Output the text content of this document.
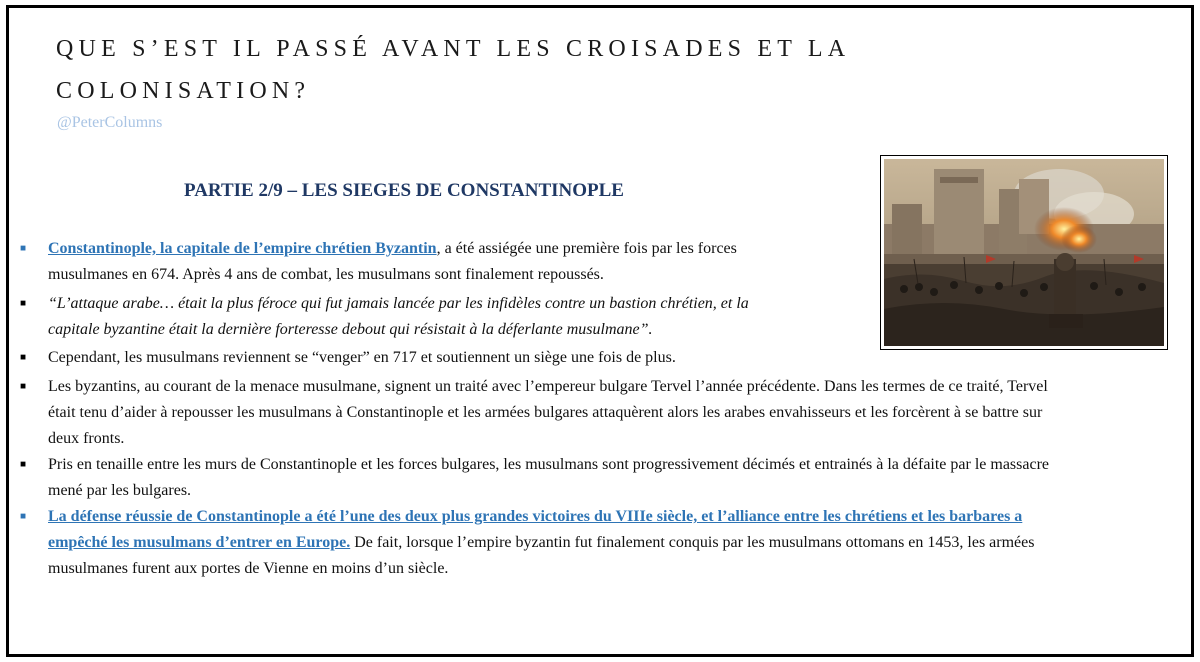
QUE S’EST IL PASSÉ AVANT LES CROISADES ET LA
COLONISATION?
@PeterColumns
PARTIE 2/9 – LES SIEGES DE CONSTANTINOPLE
■ Constantinople, la capitale de l’empire chrétien Byzantin, a été assiégée une première fois par les forces
musulmanes en 674. Après 4 ans de combat, les musulmans sont finalement repoussés.
■ “L’attaque arabe… était la plus féroce qui fut jamais lancée par les infidèles contre un bastion chrétien, et la
capitale byzantine était la dernière forteresse debout qui résistait à la déferlante musulmane”.
■ Cependant, les musulmans reviennent se “venger” en 717 et soutiennent un siège une fois de plus.
■ Les byzantins, au courant de la menace musulmane, signent un traité avec l’empereur bulgare Tervel l’année précédente. Dans les termes de ce traité, Tervel
était tenu d’aider à repousser les musulmans à Constantinople et les armées bulgares attaquèrent alors les arabes envahisseurs et les forcèrent à se battre sur
deux fronts.
■ Pris en tenaille entre les murs de Constantinople et les forces bulgares, les musulmans sont progressivement décimés et entrainés à la défaite par le massacre
mené par les bulgares.
■ La défense réussie de Constantinople a été l’une des deux plus grandes victoires du VIIIe siècle, et l’alliance entre les chrétiens et les barbares a
empêché les musulmans d’entrer en Europe. De fait, lorsque l’empire byzantin fut finalement conquis par les musulmans ottomans en 1453, les armées
musulmanes furent aux portes de Vienne en moins d’un siècle.
